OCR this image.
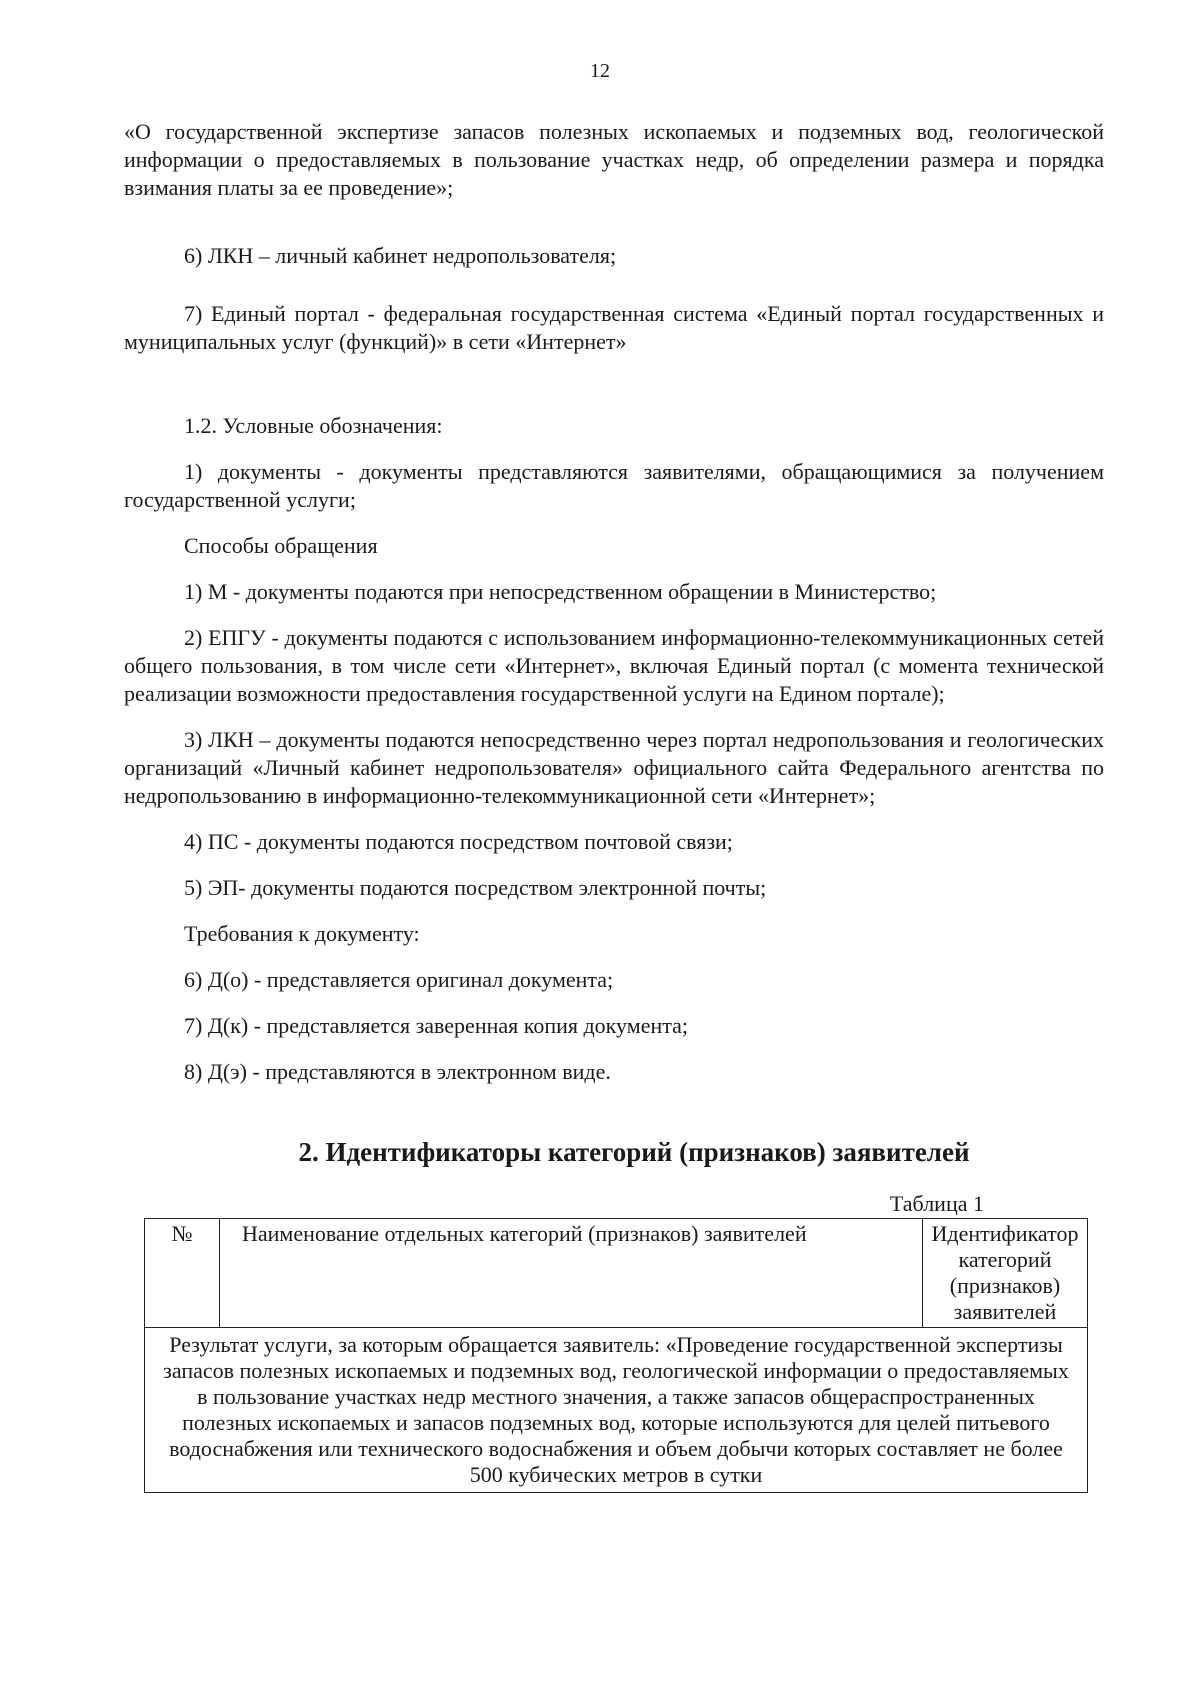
12

«О государственной экспертизе запасов полезных ископаемых и подземных вод, геологической информации о предоставляемых в пользование участках недр, об определении размера и порядка взимания платы за ее проведение»;

6) ЛКН – личный кабинет недропользователя;

7) Единый портал - федеральная государственная система «Единый портал государственных и муниципальных услуг (функций)» в сети «Интернет»

1.2. Условные обозначения:

1) документы - документы представляются заявителями, обращающимися за получением государственной услуги;

Способы обращения

1) М - документы подаются при непосредственном обращении в Министерство;

2) ЕПГУ - документы подаются с использованием информационно-телекоммуникационных сетей общего пользования, в том числе сети «Интернет», включая Единый портал (с момента технической реализации возможности предоставления государственной услуги на Едином портале);

3) ЛКН – документы подаются непосредственно через портал недропользования и геологических организаций «Личный кабинет недропользователя» официального сайта Федерального агентства по недропользованию в информационно-телекоммуникационной сети «Интернет»;

4) ПС - документы подаются посредством почтовой связи;

5) ЭП- документы подаются посредством электронной почты;

Требования к документу:

6) Д(о) - представляется оригинал документа;

7) Д(к) - представляется заверенная копия документа;

8) Д(э) - представляются в электронном виде.

2. Идентификаторы категорий (признаков) заявителей
Таблица 1
№	Наименование отдельных категорий (признаков) заявителей	Идентификатор категорий (признаков) заявителей
Результат услуги, за которым обращается заявитель: «Проведение государственной экспертизы запасов полезных ископаемых и подземных вод, геологической информации о предоставляемых в пользование участках недр местного значения, а также запасов общераспространенных полезных ископаемых и запасов подземных вод, которые используются для целей питьевого водоснабжения или технического водоснабжения и объем добычи которых составляет не более 500 кубических метров в сутки
